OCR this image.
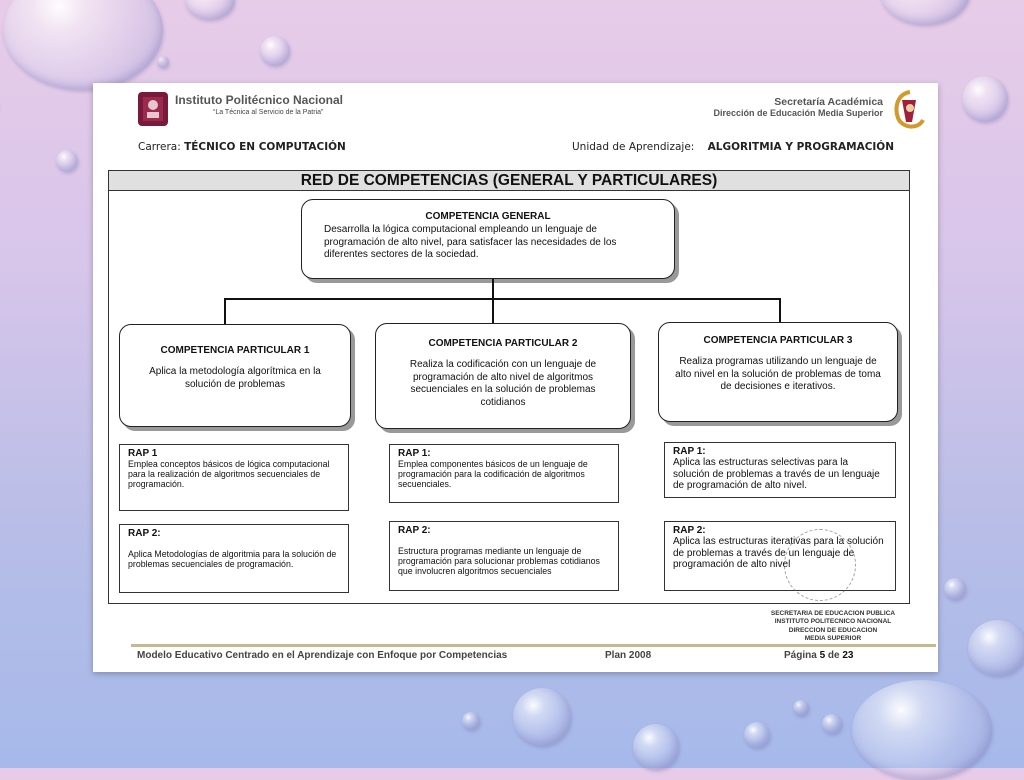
Instituto Politécnico Nacional
“La Técnica al Servicio de la Patria”
Secretaría Académica
Dirección de Educación Media Superior
Carrera: TÉCNICO EN COMPUTACIÓN	Unidad de Aprendizaje: ALGORITMIA Y PROGRAMACIÓN
RED DE COMPETENCIAS (GENERAL Y PARTICULARES)
COMPETENCIA GENERAL
Desarrolla la lógica computacional empleando un lenguaje de programación de alto nivel, para satisfacer las necesidades de los diferentes sectores de la sociedad.
COMPETENCIA PARTICULAR 1
Aplica la metodología algorítmica en la solución de problemas
COMPETENCIA PARTICULAR 2
Realiza la codificación con un lenguaje de programación de alto nivel de algoritmos secuenciales en la solución de problemas cotidianos
COMPETENCIA PARTICULAR 3
Realiza programas utilizando un lenguaje de alto nivel en la solución de problemas de toma de decisiones e iterativos.
RAP 1
Emplea conceptos básicos de lógica computacional para la realización de algoritmos secuenciales de programación.
RAP 2:
Aplica Metodologías de algoritmia para la solución de problemas secuenciales de programación.
RAP 1:
Emplea componentes básicos de un lenguaje de programación para la codificación de algoritmos secuenciales.
RAP 2:
Estructura programas mediante un lenguaje de programación para solucionar problemas cotidianos que involucren algoritmos secuenciales
RAP 1:
Aplica las estructuras selectivas para la solución de problemas a través de un lenguaje de programación de alto nivel.
RAP 2:
Aplica las estructuras iterativas para la solución de problemas a través de un lenguaje de programación de alto nivel
SECRETARIA DE EDUCACION PUBLICA
INSTITUTO POLITECNICO NACIONAL
DIRECCION DE EDUCACION
MEDIA SUPERIOR
Modelo Educativo Centrado en el Aprendizaje con Enfoque por Competencias	Plan 2008	Página 5 de 23
